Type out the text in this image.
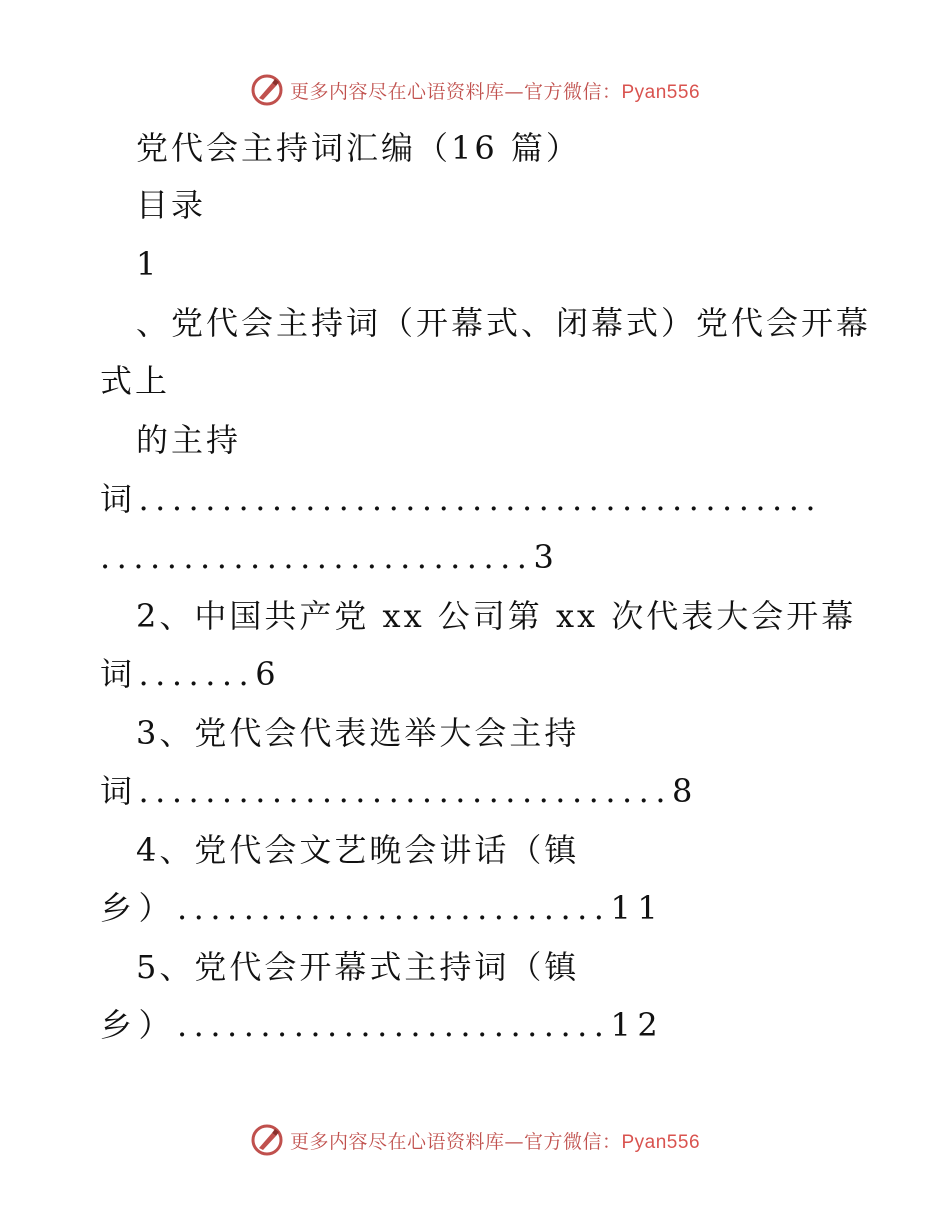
更多内容尽在心语资料库—官方微信：Pyan556
党代会主持词汇编（16 篇）
目录
1
、党代会主持词（开幕式、闭幕式）党代会开幕
式上
的主持
词.........................................
..........................3
2、中国共产党 xx 公司第 xx 次代表大会开幕
词.......6
3、党代会代表选举大会主持
词................................8
4、党代会文艺晚会讲话（镇
乡）..........................11
5、党代会开幕式主持词（镇
乡）..........................12
更多内容尽在心语资料库—官方微信：Pyan556
